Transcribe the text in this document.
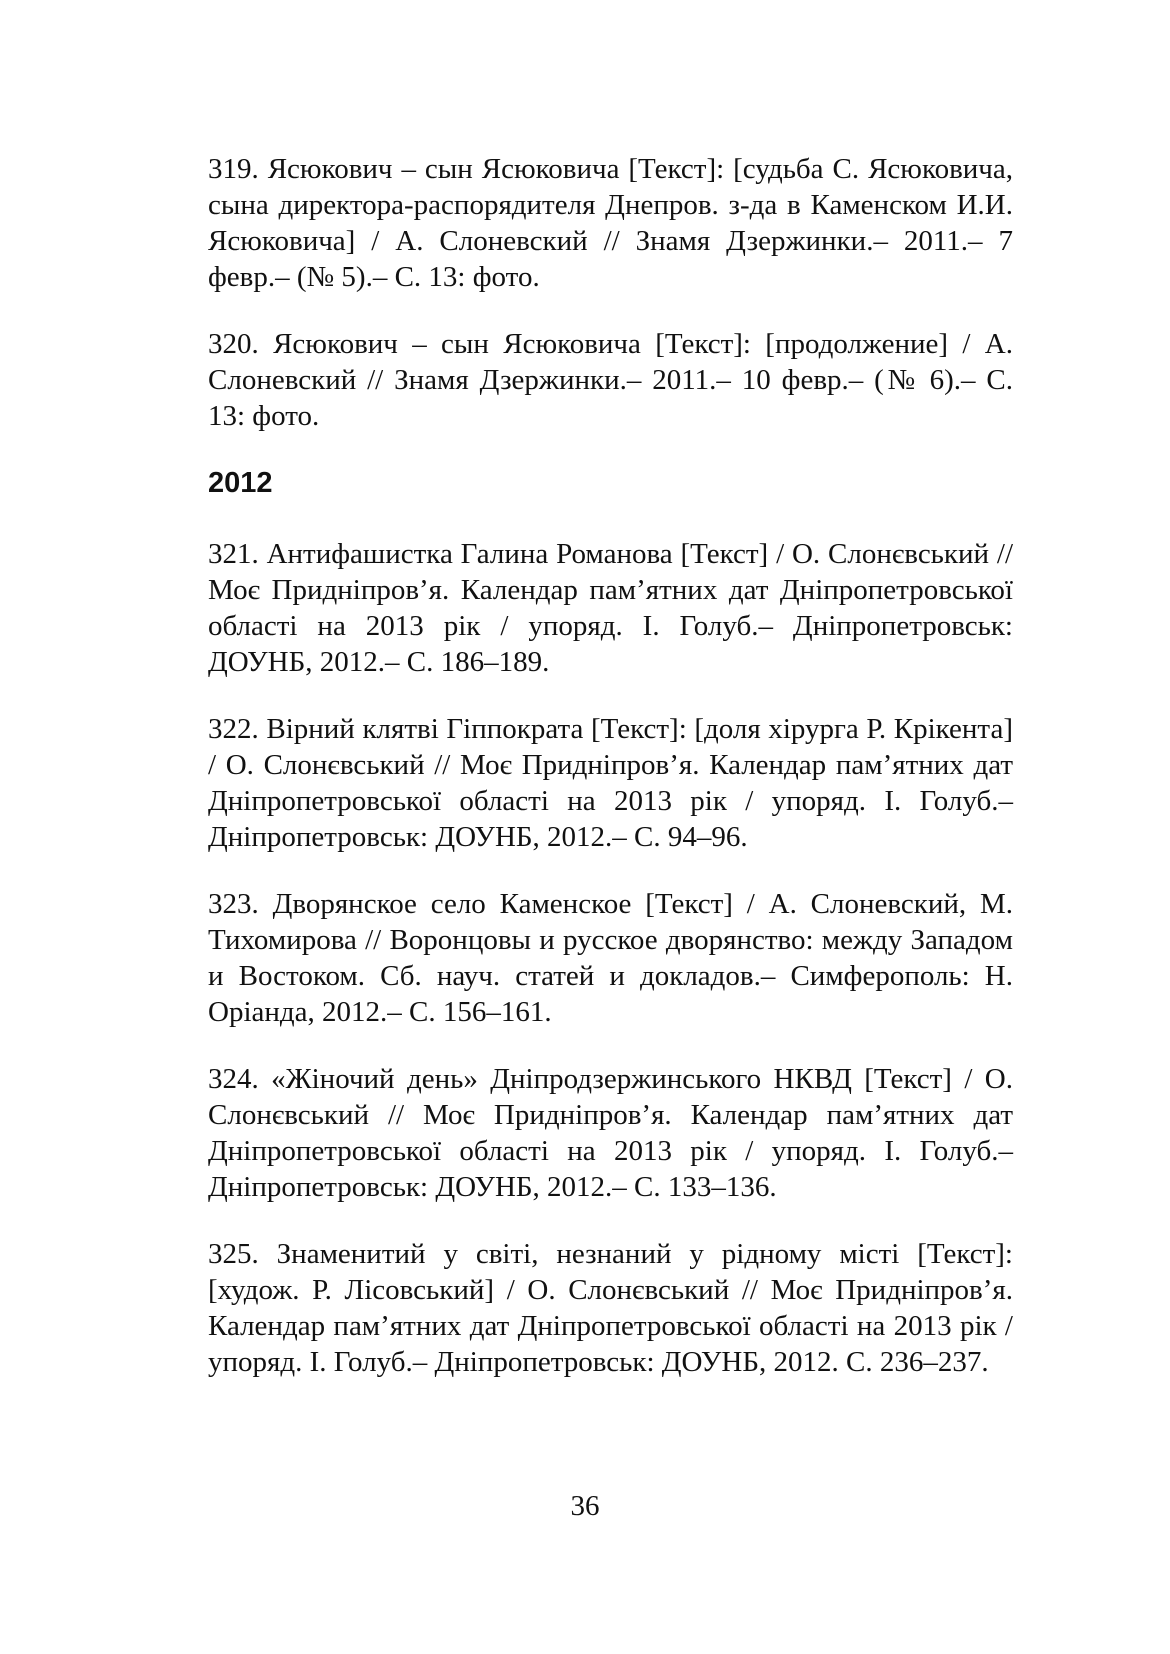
319. Ясюкович – сын Ясюковича [Текст]: [судьба С. Ясюковича, сына директора-распорядителя Днепров. з-да в Каменском И.И. Ясюковича] / А. Слоневский // Знамя Дзержинки.– 2011.– 7 февр.– (№ 5).– С. 13: фото.

320. Ясюкович – сын Ясюковича [Текст]: [продолжение] / А. Слоневский // Знамя Дзержинки.– 2011.– 10 февр.– (№ 6).– С. 13: фото.

2012

321. Антифашистка Галина Романова [Текст] / О. Слонєвський // Моє Придніпров’я. Календар пам’ятних дат Дніпропетровської області на 2013 рік / упоряд. І. Голуб.– Дніпропетровськ: ДОУНБ, 2012.– С. 186–189.

322. Вірний клятві Гіппократа [Текст]: [доля хірурга Р. Крікента] / О. Слонєвський // Моє Придніпров’я. Календар пам’ятних дат Дніпропетровської області на 2013 рік / упоряд. І. Голуб.– Дніпропетровськ: ДОУНБ, 2012.– С. 94–96.

323. Дворянское село Каменское [Текст] / А. Слоневский, М. Тихомирова // Воронцовы и русское дворянство: между Западом и Востоком. Сб. науч. статей и докладов.– Симферополь: Н. Оріанда, 2012.– С. 156–161.

324. «Жіночий день» Дніпродзержинського НКВД [Текст] / О. Слонєвський // Моє Придніпров’я. Календар пам’ятних дат Дніпропетровської області на 2013 рік / упоряд. І. Голуб.– Дніпропетровськ: ДОУНБ, 2012.– С. 133–136.

325. Знаменитий у світі, незнаний у рідному місті [Текст]: [худож. Р. Лісовський] / О. Слонєвський // Моє Придніпров’я. Календар пам’ятних дат Дніпропетровської області на 2013 рік / упоряд. І. Голуб.– Дніпропетровськ: ДОУНБ, 2012. С. 236–237.

36
